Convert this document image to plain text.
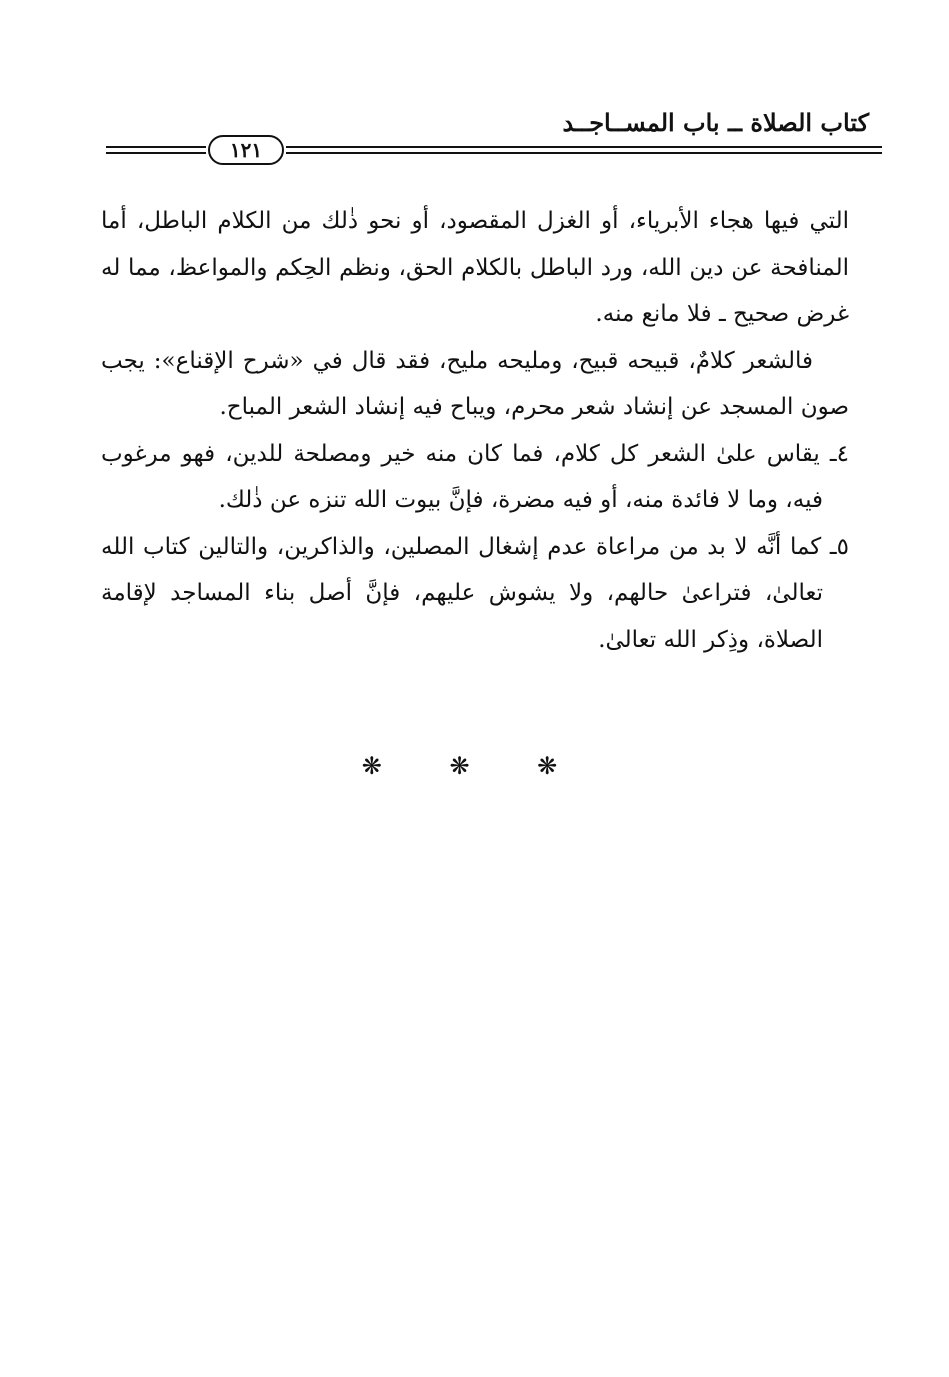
كتاب الصلاة ــ باب المســاجــد
١٢١

التي فيها هجاء الأبرياء، أو الغزل المقصود، أو نحو ذٰلك من الكلام الباطل، أما المنافحة عن دين الله، ورد الباطل بالكلام الحق، ونظم الحِكم والمواعظ، مما له غرض صحيح ـ فلا مانع منه.

فالشعر كلامٌ، قبيحه قبيح، ومليحه مليح، فقد قال في «شرح الإقناع»: يجب صون المسجد عن إنشاد شعر محرم، ويباح فيه إنشاد الشعر المباح.

٤ـ يقاس علىٰ الشعر كل كلام، فما كان منه خير ومصلحة للدين، فهو مرغوب فيه، وما لا فائدة منه، أو فيه مضرة، فإنَّ بيوت الله تنزه عن ذٰلك.

٥ـ كما أنَّه لا بد من مراعاة عدم إشغال المصلين، والذاكرين، والتالين كتاب الله تعالىٰ، فتراعىٰ حالهم، ولا يشوش عليهم، فإنَّ أصل بناء المساجد لإقامة الصلاة، وذِكر الله تعالىٰ.

❋ ❋ ❋
